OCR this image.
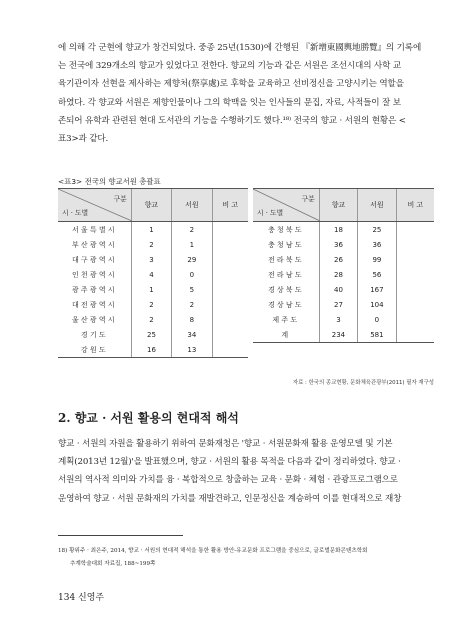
에 의해 각 군현에 향교가 창건되었다. 중종 25년(1530)에 간행된 『新增東國輿地勝覽』의 기록에
는 전국에 329개소의 향교가 있었다고 전한다. 향교의 기능과 같은 서원은 조선시대의 사학 교
육기관이자 선현을 제사하는 제향처(祭享處)로 후학을 교육하고 선비정신을 고양시키는 역할을
하였다. 각 향교와 서원은 제향인물이나 그의 학맥을 잇는 인사들의 문집, 자료, 사적들이 잘 보
존되어 유학과 관련된 현대 도서관의 기능을 수행하기도 했다.¹⁸⁾ 전국의 향교 · 서원의 현황은 <
표3>과 같다.
<표3> 전국의 향교서원 총괄표
구분
시 · 도별	향교	서원	비 고
서울특별시	1	2	
부산광역시	2	1	
대구광역시	3	29	
인천광역시	4	0	
광주광역시	1	5	
대전광역시	2	2	
울산광역시	2	8	
경기도	25	34	
강원도	16	13	
구분
시 · 도별	향교	서원	비 고
충청북도	18	25	
충청남도	36	36	
전라북도	26	99	
전라남도	28	56	
경상북도	40	167	
경상남도	27	104	
제주도	3	0	
계	234	581	
자료 : 한국의 종교현황, 문화체육관광부(2011) 필자 재구성
2. 향교 · 서원 활용의 현대적 해석
향교 · 서원의 자원을 활용하기 위하여 문화재청은 '향교 · 서원문화재 활용 운영모델 및 기본
계획(2013년 12월)'을 발표했으며, 향교 · 서원의 활용 목적을 다음과 같이 정리하였다. 향교 ·
서원의 역사적 의미와 가치를 융 · 복합적으로 창출하는 교육 · 문화 · 체험 · 관광프로그램으로
운영하여 향교 · 서원 문화재의 가치를 재발견하고, 인문정신을 계승하여 이를 현대적으로 재창
18) 황위주 · 최은주, 2014, 향교 · 서원의 현대적 해석을 통한 활용 방안-유교문화 프로그램을 중심으로, 글로벌문화콘텐츠학회
추계학술대회 자료집, 188~199쪽
134 신영주
